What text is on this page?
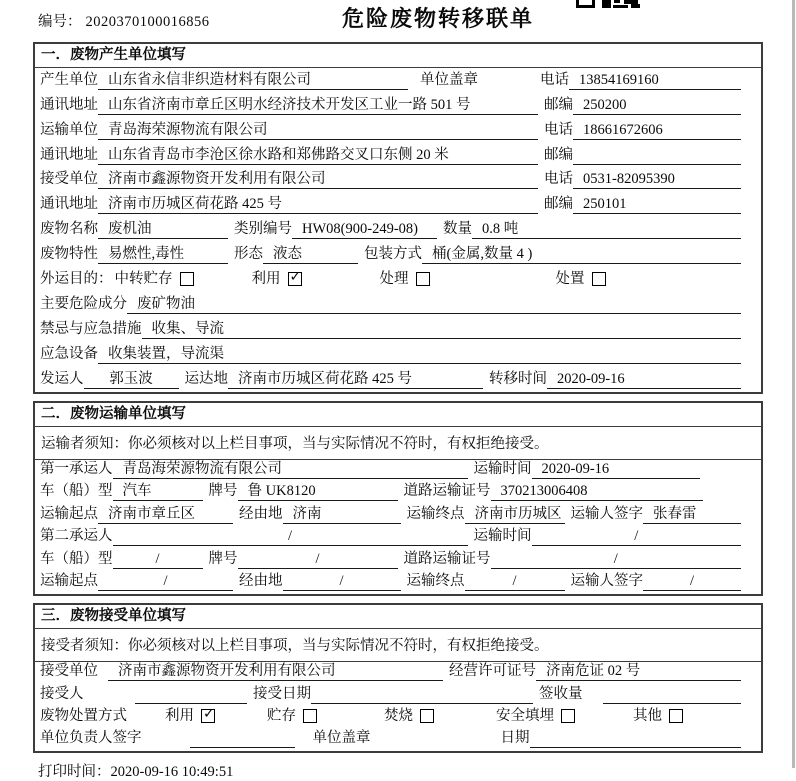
编号： 2020370100016856	危险废物转移联单
一．废物产生单位填写
产生单位 山东省永信非织造材料有限公司	单位盖章	电话 13854169160
通讯地址 山东省济南市章丘区明水经济技术开发区工业一路 501 号	邮编 250200
运输单位 青岛海荣源物流有限公司	电话 18661672606
通讯地址 山东省青岛市李沧区徐水路和郑佛路交叉口东侧 20 米	邮编
接受单位 济南市鑫源物资开发利用有限公司	电话 0531-82095390
通讯地址 济南市历城区荷花路 425 号	邮编 250101
废物名称 废机油	类别编号 HW08(900-249-08)	数量 0.8 吨
废物特性 易燃性,毒性	形态 液态	包装方式 桶(金属,数量 4 )
外运目的： 中转贮存	利用 ✓	处理	处置
主要危险成分 废矿物油
禁忌与应急措施 收集、导流
应急设备 收集装置，导流渠
发运人	郭玉波	运达地 济南市历城区荷花路 425 号	转移时间 2020-09-16
二．废物运输单位填写
运输者须知：你必须核对以上栏目事项，当与实际情况不符时，有权拒绝接受。
第一承运人 青岛海荣源物流有限公司	运输时间 2020-09-16
车（船）型 汽车	牌号 鲁 UK8120	道路运输证号 370213006408
运输起点 济南市章丘区	经由地 济南	运输终点 济南市历城区 运输人签字 张春雷
第二承运人	/	运输时间	/
车（船）型	/	牌号	/	道路运输证号	/
运输起点	/	经由地	/	运输终点	/	运输人签字	/
三．废物接受单位填写
接受者须知：你必须核对以上栏目事项，当与实际情况不符时，有权拒绝接受。
接受单位	济南市鑫源物资开发利用有限公司	经营许可证号 济南危证 02 号
接受人	接受日期	签收量
废物处置方式	利用 ✓	贮存	焚烧	安全填埋	其他
单位负责人签字	单位盖章	日期
打印时间：2020-09-16 10:49:51
